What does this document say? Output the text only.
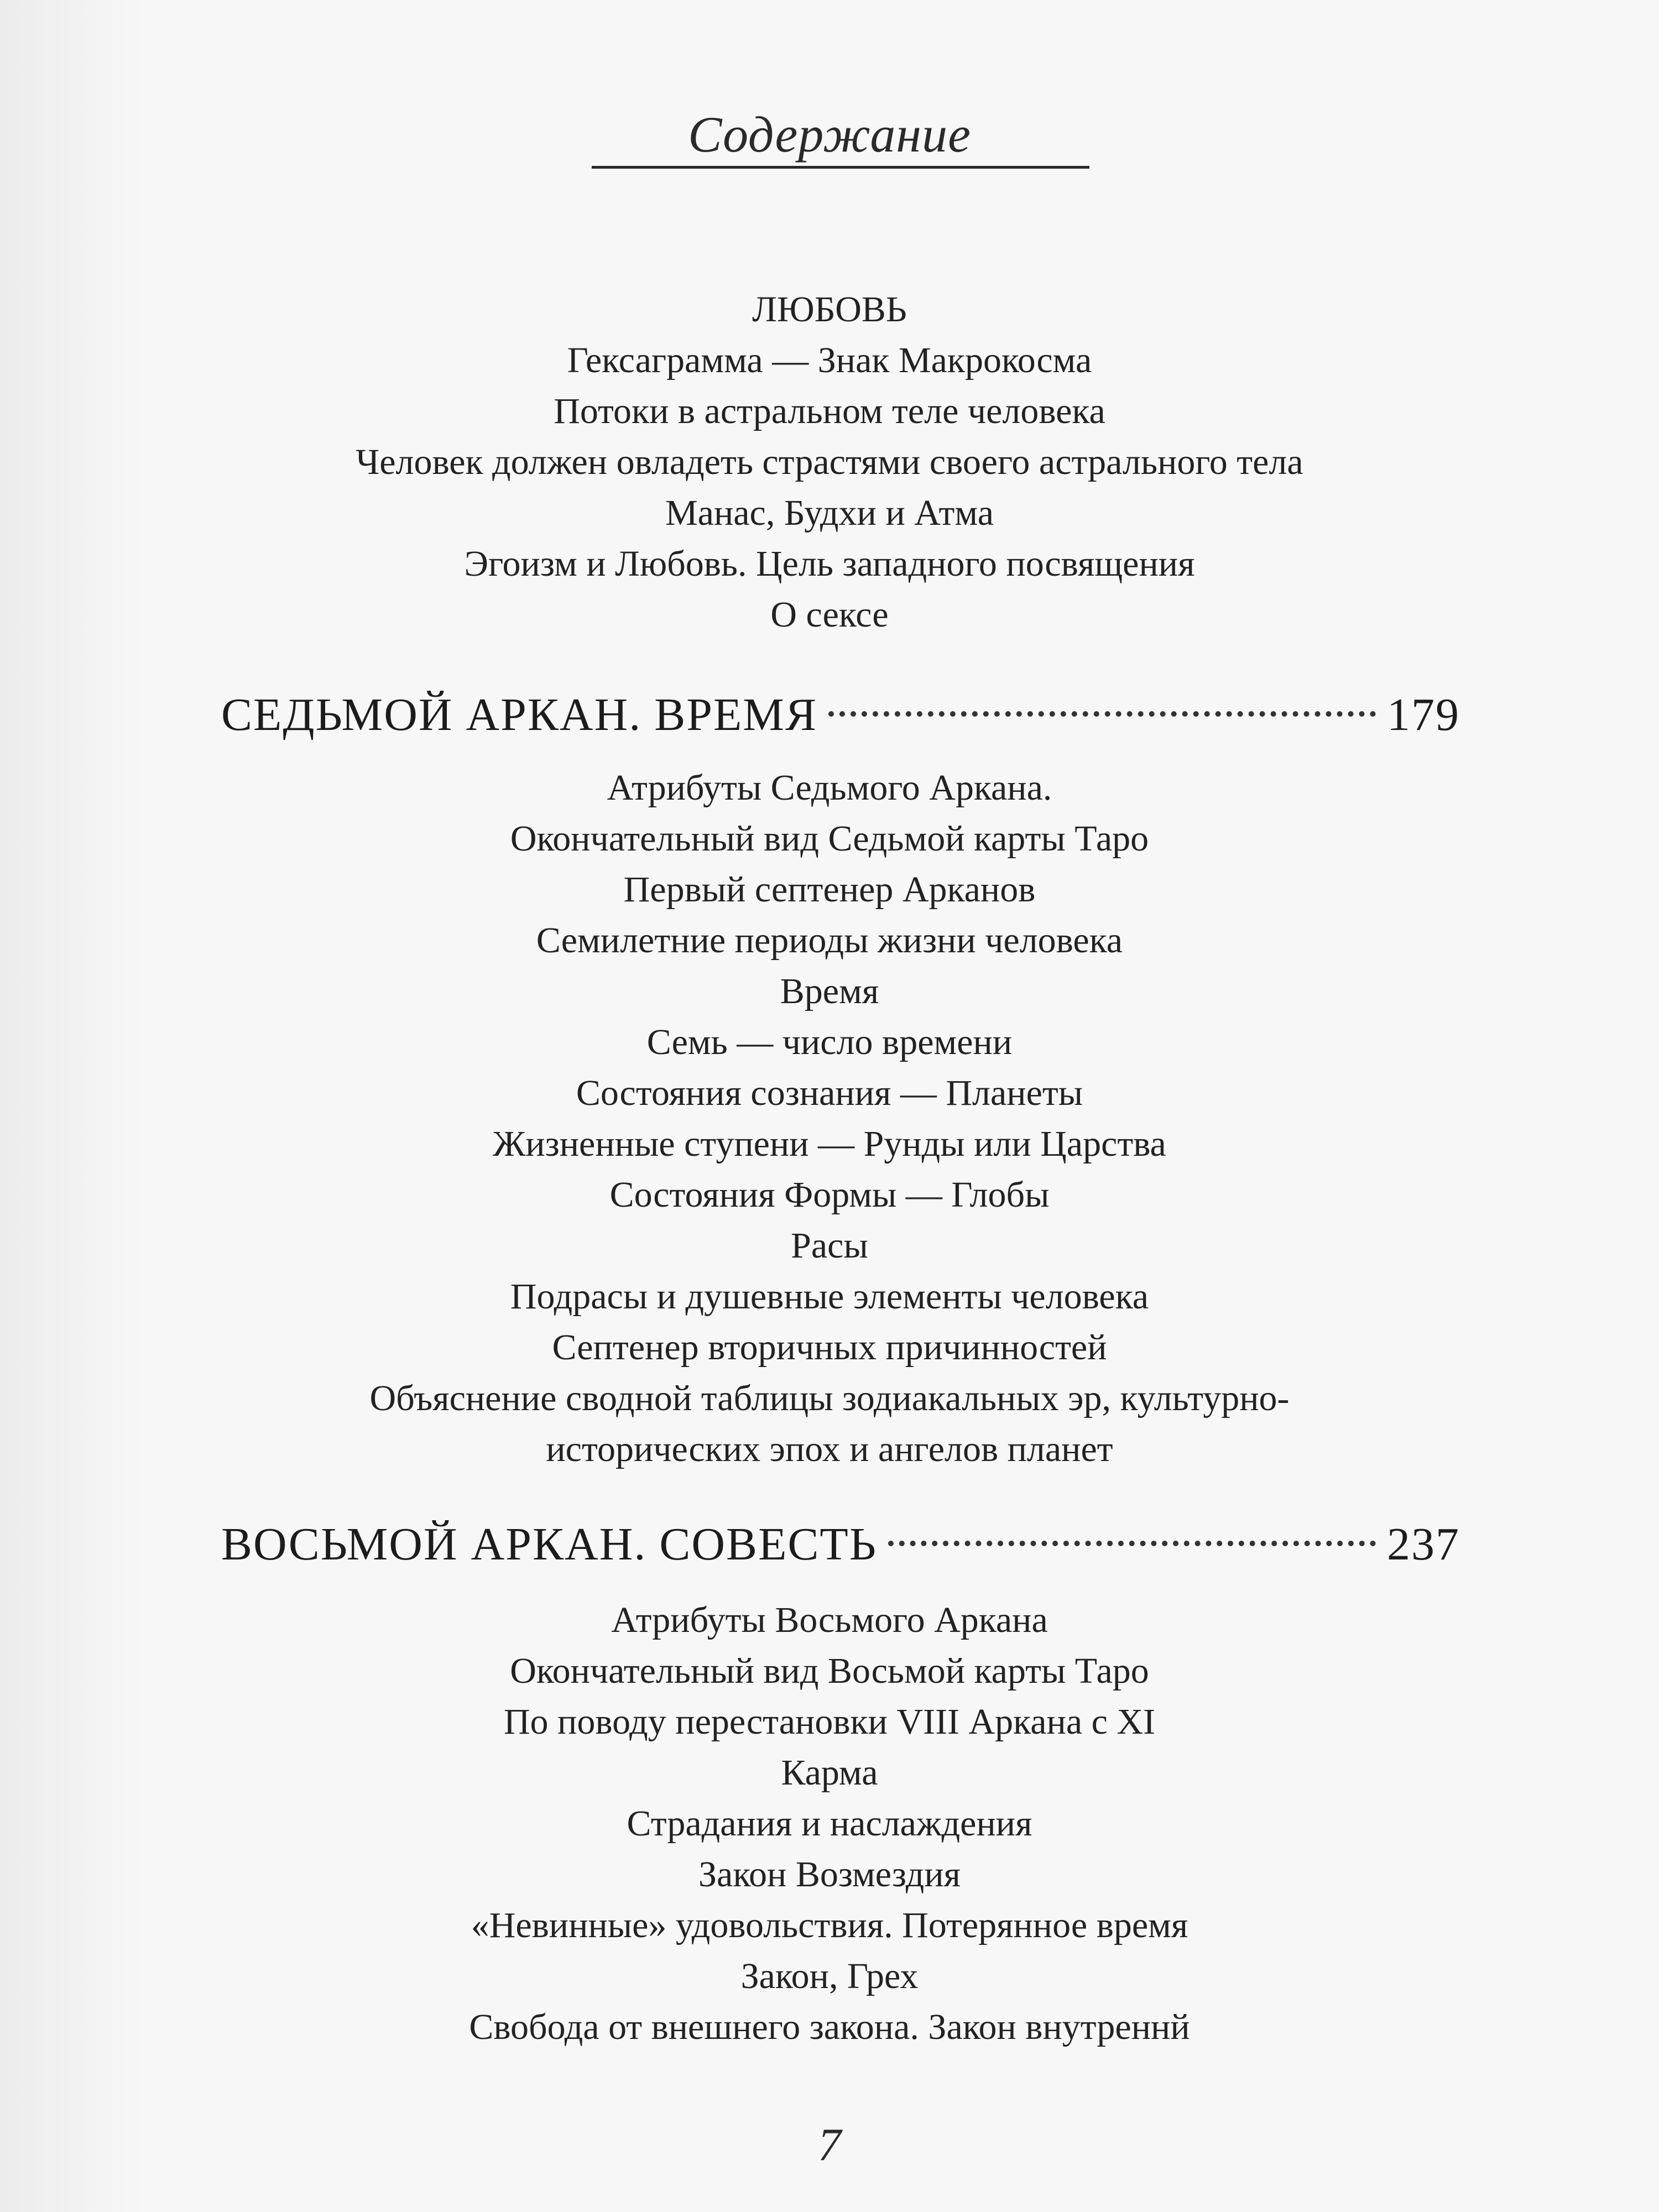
Содержание
ЛЮБОВЬ
Гексаграмма — Знак Макрокосма
Потоки в астральном теле человека
Человек должен овладеть страстями своего астрального тела
Манас, Будхи и Атма
Эгоизм и Любовь. Цель западного посвящения
О сексе
СЕДЬМОЙ АРКАН. ВРЕМЯ	179
Атрибуты Седьмого Аркана.
Окончательный вид Седьмой карты Таро
Первый септенер Арканов
Семилетние периоды жизни человека
Время
Семь — число времени
Состояния сознания — Планеты
Жизненные ступени — Рунды или Царства
Состояния Формы — Глобы
Расы
Подрасы и душевные элементы человека
Септенер вторичных причинностей
Объяснение сводной таблицы зодиакальных эр, культурно-
исторических эпох и ангелов планет
ВОСЬМОЙ АРКАН. СОВЕСТЬ	237
Атрибуты Восьмого Аркана
Окончательный вид Восьмой карты Таро
По поводу перестановки VIII Аркана с XI
Карма
Страдания и наслаждения
Закон Возмездия
«Невинные» удовольствия. Потерянное время
Закон, Грех
Свобода от внешнего закона. Закон внутреннй
7
